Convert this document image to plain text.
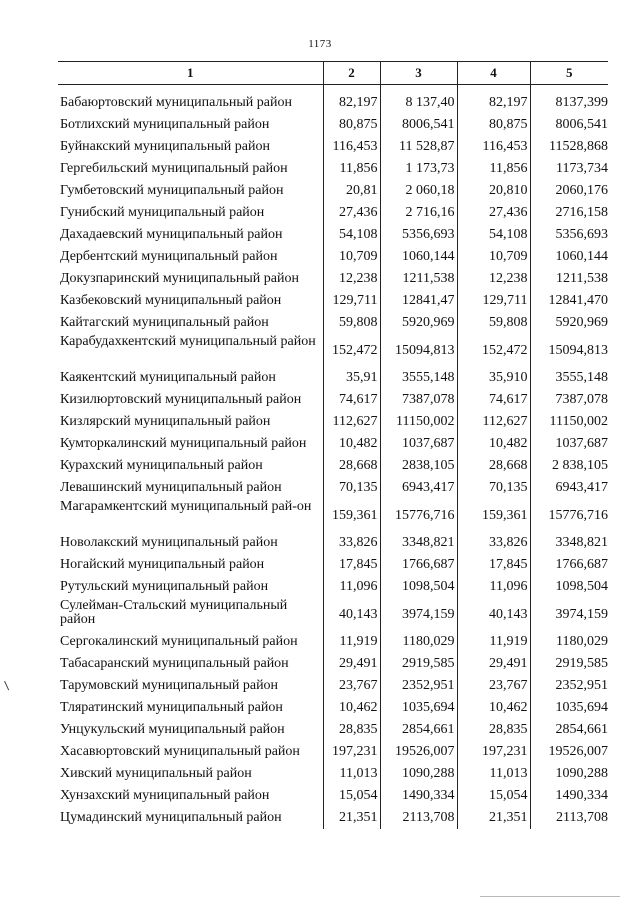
1173
1	2	3	4	5

Бабаюртовский муниципальный район	82,197	8 137,40	82,197	8137,399
Ботлихский муниципальный район	80,875	8006,541	80,875	8006,541
Буйнакский муниципальный район	116,453	11 528,87	116,453	11528,868
Гергебильский муниципальный район	11,856	1 173,73	11,856	1173,734
Гумбетовский муниципальный район	20,81	2 060,18	20,810	2060,176
Гунибский муниципальный район	27,436	2 716,16	27,436	2716,158
Дахадаевский муниципальный район	54,108	5356,693	54,108	5356,693
Дербентский муниципальный район	10,709	1060,144	10,709	1060,144
Докузпаринский муниципальный район	12,238	1211,538	12,238	1211,538
Казбековский муниципальный район	129,711	12841,47	129,711	12841,470
Кайтагский муниципальный район	59,808	5920,969	59,808	5920,969
Карабудахкентский муниципальный район	152,472	15094,813	152,472	15094,813
Каякентский муниципальный район	35,91	3555,148	35,910	3555,148
Кизилюртовский муниципальный район	74,617	7387,078	74,617	7387,078
Кизлярский муниципальный район	112,627	11150,002	112,627	11150,002
Кумторкалинский муниципальный район	10,482	1037,687	10,482	1037,687
Курахский муниципальный район	28,668	2838,105	28,668	2 838,105
Левашинский муниципальный район	70,135	6943,417	70,135	6943,417
Магарамкентский муниципальный рай-он	159,361	15776,716	159,361	15776,716
Новолакский муниципальный район	33,826	3348,821	33,826	3348,821
Ногайский муниципальный район	17,845	1766,687	17,845	1766,687
Рутульский муниципальный район	11,096	1098,504	11,096	1098,504
Сулейман-Стальский муниципальный район	40,143	3974,159	40,143	3974,159
Сергокалинский муниципальный район	11,919	1180,029	11,919	1180,029
Табасаранский муниципальный район	29,491	2919,585	29,491	2919,585
Тарумовский муниципальный район	23,767	2352,951	23,767	2352,951
Тляратинский муниципальный район	10,462	1035,694	10,462	1035,694
Унцукульский муниципальный район	28,835	2854,661	28,835	2854,661
Хасавюртовский муниципальный район	197,231	19526,007	197,231	19526,007
Хивский муниципальный район	11,013	1090,288	11,013	1090,288
Хунзахский муниципальный район	15,054	1490,334	15,054	1490,334
Цумадинский муниципальный район	21,351	2113,708	21,351	2113,708
